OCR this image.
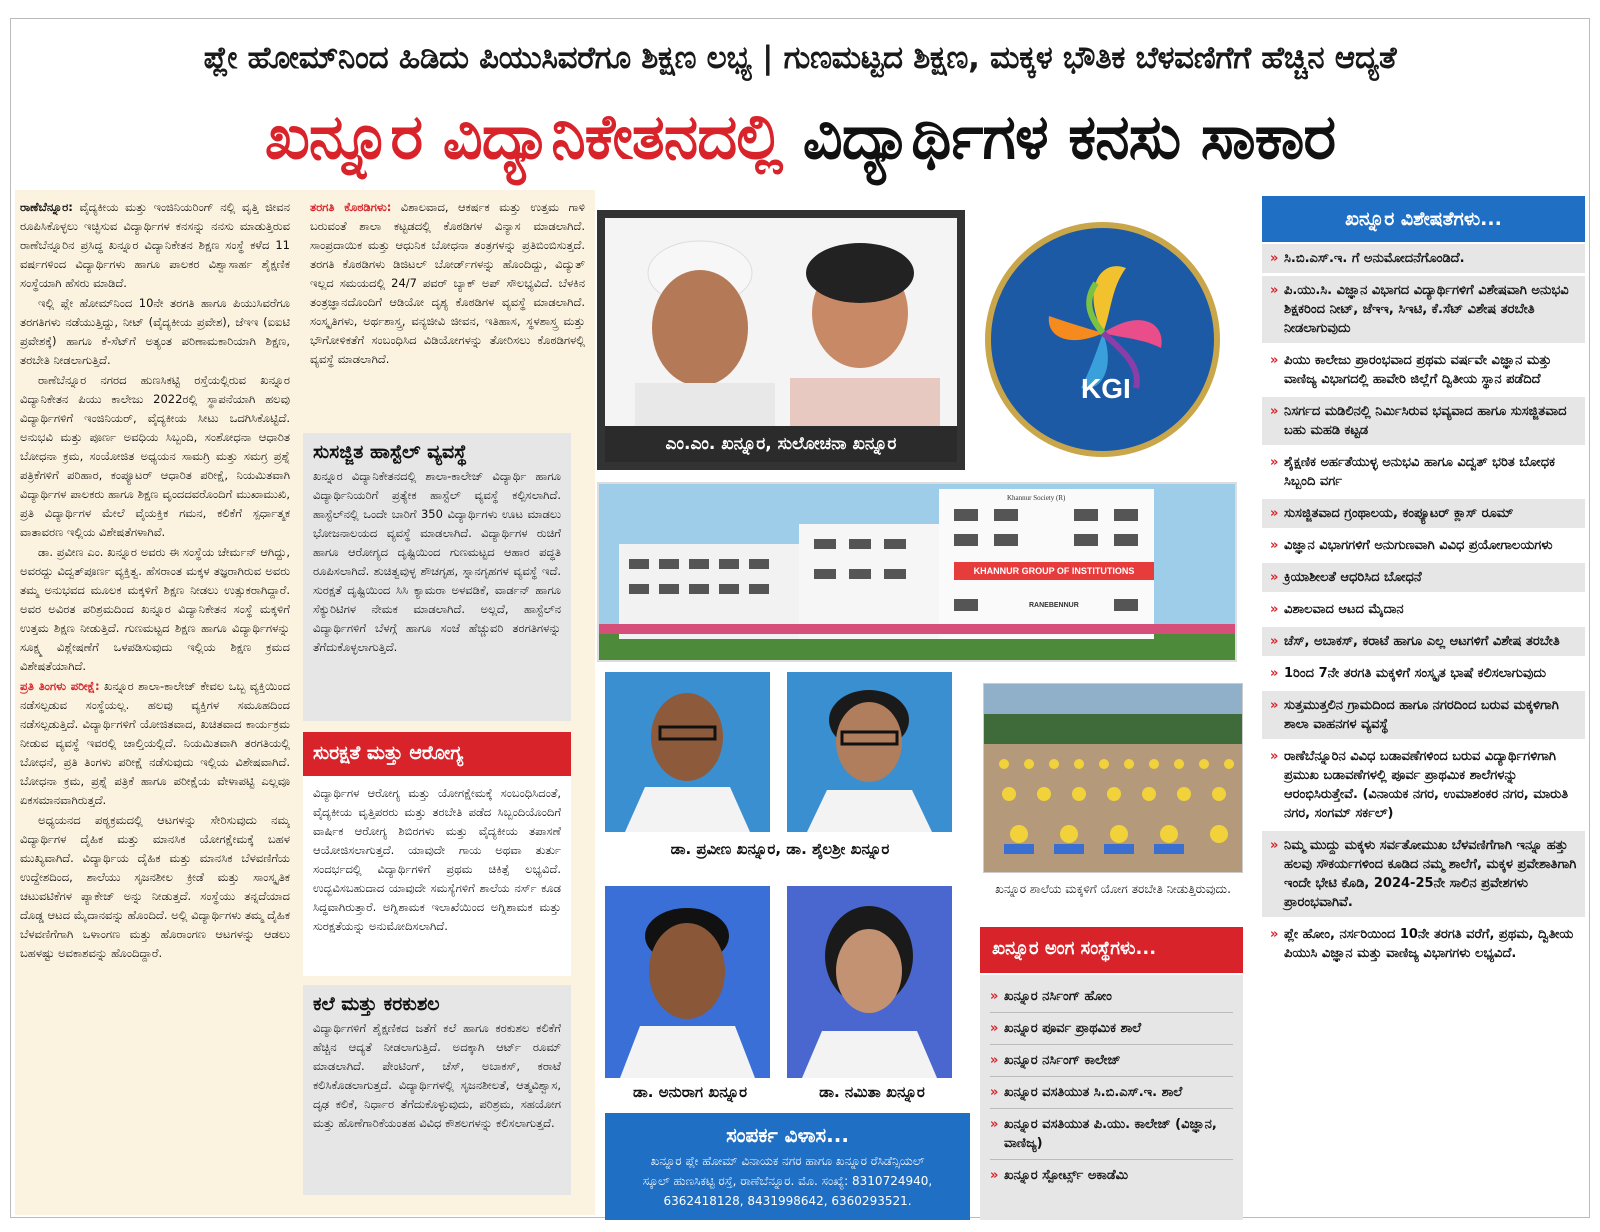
ಪ್ಲೇ ಹೋಮ್‌ನಿಂದ ಹಿಡಿದು ಪಿಯುಸಿವರೆಗೂ ಶಿಕ್ಷಣ ಲಭ್ಯ | ಗುಣಮಟ್ಟದ ಶಿಕ್ಷಣ, ಮಕ್ಕಳ ಭೌತಿಕ ಬೆಳವಣಿಗೆಗೆ ಹೆಚ್ಚಿನ ಆದ್ಯತೆ
ಖನ್ನೂರ ವಿದ್ಯಾನಿಕೇತನದಲ್ಲಿ ವಿದ್ಯಾರ್ಥಿಗಳ ಕನಸು ಸಾಕಾರ

ರಾಣೆಬೆನ್ನೂರ: ವೈದ್ಯಕೀಯ ಮತ್ತು ಇಂಜಿನಿಯರಿಂಗ್ ನಲ್ಲಿ ವೃತ್ತಿ ಜೀವನ ರೂಪಿಸಿಕೊಳ್ಳಲು ಇಚ್ಛಿಸುವ ವಿದ್ಯಾರ್ಥಿಗಳ ಕನಸನ್ನು ನನಸು ಮಾಡುತ್ತಿರುವ ರಾಣೆಬೆನ್ನೂರಿನ ಪ್ರಸಿದ್ಧ ಖನ್ನೂರ ವಿದ್ಯಾನಿಕೇತನ ಶಿಕ್ಷಣ ಸಂಸ್ಥೆ ಕಳೆದ 11 ವರ್ಷಗಳಿಂದ ವಿದ್ಯಾರ್ಥಿಗಳು ಹಾಗೂ ಪಾಲಕರ ವಿಶ್ವಾಸಾರ್ಹ ಶೈಕ್ಷಣಿಕ ಸಂಸ್ಥೆಯಾಗಿ ಹೆಸರು ಮಾಡಿದೆ.

ಇಲ್ಲಿ ಪ್ಲೇ ಹೋಮ್‌ನಿಂದ 10ನೇ ತರಗತಿ ಹಾಗೂ ಪಿಯುಸಿವರೆಗೂ ತರಗತಿಗಳು ನಡೆಯುತ್ತಿದ್ದು, ನೀಟ್ (ವೈದ್ಯಕೀಯ ಪ್ರವೇಶ), ಜೆಇಇ (ಐಐಟಿ ಪ್ರವೇಶಕ್ಕೆ) ಹಾಗೂ ಕೆ-ಸೆಟ್‌ಗೆ ಅತ್ಯಂತ ಪರಿಣಾಮಕಾರಿಯಾಗಿ ಶಿಕ್ಷಣ, ತರಬೇತಿ ನೀಡಲಾಗುತ್ತಿದೆ.

ರಾಣೆಬೆನ್ನೂರ ನಗರದ ಹುಣಸಿಕಟ್ಟಿ ರಸ್ತೆಯಲ್ಲಿರುವ ಖನ್ನೂರ ವಿದ್ಯಾನಿಕೇತನ ಪಿಯು ಕಾಲೇಜು 2022ರಲ್ಲಿ ಸ್ಥಾಪನೆಯಾಗಿ ಹಲವು ವಿದ್ಯಾರ್ಥಿಗಳಿಗೆ ಇಂಜಿನಿಯರ್, ವೈದ್ಯಕೀಯ ಸೀಟು ಒದಗಿಸಿಕೊಟ್ಟಿದೆ. ಅನುಭವಿ ಮತ್ತು ಪೂರ್ಣ ಅವಧಿಯ ಸಿಬ್ಬಂದಿ, ಸಂಶೋಧನಾ ಆಧಾರಿತ ಬೋಧನಾ ಕ್ರಮ, ಸಂಯೋಜಿತ ಅಧ್ಯಯನ ಸಾಮಗ್ರಿ ಮತ್ತು ಸಮಗ್ರ ಪ್ರಶ್ನೆ ಪತ್ರಿಕೆಗಳಿಗೆ ಪರಿಹಾರ, ಕಂಪ್ಯೂಟರ್ ಆಧಾರಿತ ಪರೀಕ್ಷೆ, ನಿಯಮಿತವಾಗಿ ವಿದ್ಯಾರ್ಥಿಗಳ ಪಾಲಕರು ಹಾಗೂ ಶಿಕ್ಷಣ ವೃಂದದವರೊಂದಿಗೆ ಮುಖಾಮುಖಿ, ಪ್ರತಿ ವಿದ್ಯಾರ್ಥಿಗಳ ಮೇಲೆ ವೈಯಕ್ತಿಕ ಗಮನ, ಕಲಿಕೆಗೆ ಸ್ಪರ್ಧಾತ್ಮಕ ವಾತಾವರಣ ಇಲ್ಲಿಯ ವಿಶೇಷತೆಗಳಾಗಿವೆ.

ಡಾ. ಪ್ರವೀಣ ಎಂ. ಖನ್ನೂರ ಅವರು ಈ ಸಂಸ್ಥೆಯ ಚೇರ್ಮನ್ ಆಗಿದ್ದು, ಅವರದ್ದು ವಿದ್ವತ್‌ಪೂರ್ಣ ವ್ಯಕ್ತಿತ್ವ. ಹೆಸರಾಂತ ಮಕ್ಕಳ ತಜ್ಞರಾಗಿರುವ ಅವರು ತಮ್ಮ ಅನುಭವದ ಮೂಲಕ ಮಕ್ಕಳಿಗೆ ಶಿಕ್ಷಣ ನೀಡಲು ಉತ್ಸುಕರಾಗಿದ್ದಾರೆ. ಅವರ ಅವಿರತ ಪರಿಶ್ರಮದಿಂದ ಖನ್ನೂರ ವಿದ್ಯಾನಿಕೇತನ ಸಂಸ್ಥೆ ಮಕ್ಕಳಿಗೆ ಉತ್ತಮ ಶಿಕ್ಷಣ ನೀಡುತ್ತಿದೆ. ಗುಣಮಟ್ಟದ ಶಿಕ್ಷಣ ಹಾಗೂ ವಿದ್ಯಾರ್ಥಿಗಳನ್ನು ಸೂಕ್ಷ್ಮ ವಿಶ್ಲೇಷಣೆಗೆ ಒಳಪಡಿಸುವುದು ಇಲ್ಲಿಯ ಶಿಕ್ಷಣ ಕ್ರಮದ ವಿಶೇಷತೆಯಾಗಿದೆ.

ಪ್ರತಿ ತಿಂಗಳು ಪರೀಕ್ಷೆ: ಖನ್ನೂರ ಶಾಲಾ-ಕಾಲೇಜ್ ಕೇವಲ ಒಬ್ಬ ವ್ಯಕ್ತಿಯಿಂದ ನಡೆಸಲ್ಪಡುವ ಸಂಸ್ಥೆಯಲ್ಲ. ಹಲವು ವ್ಯಕ್ತಿಗಳ ಸಮೂಹದಿಂದ ನಡೆಸಲ್ಪಡುತ್ತಿದೆ. ವಿದ್ಯಾರ್ಥಿಗಳಿಗೆ ಯೋಜಿತವಾದ, ಖಚಿತವಾದ ಕಾರ್ಯಕ್ರಮ ನೀಡುವ ವ್ಯವಸ್ಥೆ ಇವರಲ್ಲಿ ಚಾಲ್ತಿಯಲ್ಲಿದೆ. ನಿಯಮಿತವಾಗಿ ತರಗತಿಯಲ್ಲಿ ಬೋಧನೆ, ಪ್ರತಿ ತಿಂಗಳು ಪರೀಕ್ಷೆ ನಡೆಸುವುದು ಇಲ್ಲಿಯ ವಿಶೇಷವಾಗಿದೆ. ಬೋಧನಾ ಕ್ರಮ, ಪ್ರಶ್ನೆ ಪತ್ರಿಕೆ ಹಾಗೂ ಪರೀಕ್ಷೆಯ ವೇಳಾಪಟ್ಟಿ ಎಲ್ಲವೂ ಏಕಸಮಾನವಾಗಿರುತ್ತದೆ.

ಅಧ್ಯಯನದ ಪಠ್ಯಕ್ರಮದಲ್ಲಿ ಆಟಗಳನ್ನು ಸೇರಿಸುವುದು ನಮ್ಮ ವಿದ್ಯಾರ್ಥಿಗಳ ದೈಹಿಕ ಮತ್ತು ಮಾನಸಿಕ ಯೋಗಕ್ಷೇಮಕ್ಕೆ ಬಹಳ ಮುಖ್ಯವಾಗಿದೆ. ವಿದ್ಯಾರ್ಥಿಯ ದೈಹಿಕ ಮತ್ತು ಮಾನಸಿಕ ಬೆಳವಣಿಗೆಯ ಉದ್ದೇಶದಿಂದ, ಶಾಲೆಯು ಸೃಜನಶೀಲ ಕ್ರೀಡೆ ಮತ್ತು ಸಾಂಸ್ಕೃತಿಕ ಚಟುವಟಿಕೆಗಳ ಪ್ಯಾಕೇಜ್ ಅನ್ನು ನೀಡುತ್ತದೆ. ಸಂಸ್ಥೆಯು ತನ್ನದೆಯಾದ ದೊಡ್ಡ ಆಟದ ಮೈದಾನವನ್ನು ಹೊಂದಿದೆ. ಅಲ್ಲಿ ವಿದ್ಯಾರ್ಥಿಗಳು ತಮ್ಮ ದೈಹಿಕ ಬೆಳವಣಿಗೆಗಾಗಿ ಒಳಾಂಗಣ ಮತ್ತು ಹೊರಾಂಗಣ ಆಟಗಳನ್ನು ಆಡಲು ಬಹಳಷ್ಟು ಅವಕಾಶವನ್ನು ಹೊಂದಿದ್ದಾರೆ.

ತರಗತಿ ಕೊಠಡಿಗಳು: ವಿಶಾಲವಾದ, ಆಕರ್ಷಕ ಮತ್ತು ಉತ್ತಮ ಗಾಳಿ ಬರುವಂತೆ ಶಾಲಾ ಕಟ್ಟಡದಲ್ಲಿ ಕೊಠಡಿಗಳ ವಿನ್ಯಾಸ ಮಾಡಲಾಗಿದೆ. ಸಾಂಪ್ರದಾಯಿಕ ಮತ್ತು ಆಧುನಿಕ ಬೋಧನಾ ತಂತ್ರಗಳನ್ನು ಪ್ರತಿಬಿಂಬಿಸುತ್ತದೆ. ತರಗತಿ ಕೊಠಡಿಗಳು ಡಿಜಿಟಲ್ ಬೋರ್ಡ್‌ಗಳನ್ನು ಹೊಂದಿದ್ದು, ವಿದ್ಯುತ್ ಇಲ್ಲದ ಸಮಯದಲ್ಲಿ 24/7 ಪವರ್ ಬ್ಯಾಕ್ ಅಪ್ ಸೌಲಭ್ಯವಿದೆ. ಬೆಳಕಿನ ತಂತ್ರಜ್ಞಾನದೊಂದಿಗೆ ಆಡಿಯೋ ದೃಶ್ಯ ಕೊಠಡಿಗಳ ವ್ಯವಸ್ಥೆ ಮಾಡಲಾಗಿದೆ. ಸಂಸ್ಕೃತಿಗಳು, ಅರ್ಥಶಾಸ್ತ್ರ, ವನ್ಯಜೀವಿ ಜೀವನ, ಇತಿಹಾಸ, ಸ್ಥಳಶಾಸ್ತ್ರ ಮತ್ತು ಭೌಗೋಳಿಕತೆಗೆ ಸಂಬಂಧಿಸಿದ ವಿಡಿಯೋಗಳನ್ನು ತೋರಿಸಲು ಕೊಠಡಿಗಳಲ್ಲಿ ವ್ಯವಸ್ಥೆ ಮಾಡಲಾಗಿದೆ.

ಸುಸಜ್ಜಿತ ಹಾಸ್ಟೆಲ್ ವ್ಯವಸ್ಥೆ
ಖನ್ನೂರ ವಿದ್ಯಾನಿಕೇತನದಲ್ಲಿ ಶಾಲಾ-ಕಾಲೇಜ್ ವಿದ್ಯಾರ್ಥಿ ಹಾಗೂ ವಿದ್ಯಾರ್ಥಿನಿಯರಿಗೆ ಪ್ರತ್ಯೇಕ ಹಾಸ್ಟೆಲ್ ವ್ಯವಸ್ಥೆ ಕಲ್ಪಿಸಲಾಗಿದೆ. ಹಾಸ್ಟೆಲ್‌ನಲ್ಲಿ ಒಂದೇ ಬಾರಿಗೆ 350 ವಿದ್ಯಾರ್ಥಿಗಳು ಊಟ ಮಾಡಲು ಭೋಜನಾಲಯದ ವ್ಯವಸ್ಥೆ ಮಾಡಲಾಗಿದೆ. ವಿದ್ಯಾರ್ಥಿಗಳ ರುಚಿಗೆ ಹಾಗೂ ಆರೋಗ್ಯದ ದೃಷ್ಟಿಯಿಂದ ಗುಣಮಟ್ಟದ ಆಹಾರ ಪದ್ಧತಿ ರೂಪಿಸಲಾಗಿದೆ. ಶುಚಿತ್ವವುಳ್ಳ ಶೌಚಗೃಹ, ಸ್ನಾನಗೃಹಗಳ ವ್ಯವಸ್ಥೆ ಇದೆ. ಸುರಕ್ಷತೆ ದೃಷ್ಟಿಯಿಂದ ಸಿಸಿ ಕ್ಯಾಮರಾ ಅಳವಡಿಕೆ, ವಾರ್ಡನ್ ಹಾಗೂ ಸೆಕ್ಯುರಿಟಿಗಳ ನೇಮಕ ಮಾಡಲಾಗಿದೆ. ಅಲ್ಲದೆ, ಹಾಸ್ಟೆಲ್‌ನ ವಿದ್ಯಾರ್ಥಿಗಳಿಗೆ ಬೆಳಗ್ಗೆ ಹಾಗೂ ಸಂಜೆ ಹೆಚ್ಚುವರಿ ತರಗತಿಗಳನ್ನು ತೆಗೆದುಕೊಳ್ಳಲಾಗುತ್ತಿದೆ.
ಸುರಕ್ಷತೆ ಮತ್ತು ಆರೋಗ್ಯ
ವಿದ್ಯಾರ್ಥಿಗಳ ಆರೋಗ್ಯ ಮತ್ತು ಯೋಗಕ್ಷೇಮಕ್ಕೆ ಸಂಬಂಧಿಸಿದಂತೆ, ವೈದ್ಯಕೀಯ ವೃತ್ತಿಪರರು ಮತ್ತು ತರಬೇತಿ ಪಡೆದ ಸಿಬ್ಬಂದಿಯೊಂದಿಗೆ ವಾರ್ಷಿಕ ಆರೋಗ್ಯ ಶಿಬಿರಗಳು ಮತ್ತು ವೈದ್ಯಕೀಯ ತಪಾಸಣೆ ಆಯೋಜಿಸಲಾಗುತ್ತದೆ. ಯಾವುದೇ ಗಾಯ ಅಥವಾ ತುರ್ತು ಸಂದರ್ಭದಲ್ಲಿ ವಿದ್ಯಾರ್ಥಿಗಳಿಗೆ ಪ್ರಥಮ ಚಿಕಿತ್ಸೆ ಲಭ್ಯವಿದೆ. ಉದ್ಭವಿಸಬಹುದಾದ ಯಾವುದೇ ಸಮಸ್ಯೆಗಳಿಗೆ ಶಾಲೆಯ ನರ್ಸ್ ಕೂಡ ಸಿದ್ಧವಾಗಿರುತ್ತಾರೆ. ಅಗ್ನಿಶಾಮಕ ಇಲಾಖೆಯಿಂದ ಅಗ್ನಿಶಾಮಕ ಮತ್ತು ಸುರಕ್ಷತೆಯನ್ನು ಅನುಮೋದಿಸಲಾಗಿದೆ.
ಕಲೆ ಮತ್ತು ಕರಕುಶಲ
ವಿದ್ಯಾರ್ಥಿಗಳಿಗೆ ಶೈಕ್ಷಣಿಕದ ಜತೆಗೆ ಕಲೆ ಹಾಗೂ ಕರಕುಶಲ ಕಲಿಕೆಗೆ ಹೆಚ್ಚಿನ ಆದ್ಯತೆ ನೀಡಲಾಗುತ್ತಿದೆ. ಅದಕ್ಕಾಗಿ ಆರ್ಟ್ ರೂಮ್ ಮಾಡಲಾಗಿದೆ. ಪೇಂಟಿಂಗ್, ಚೆಸ್, ಅಬಾಕಸ್, ಕರಾಟೆ ಕಲಿಸಿಕೊಡಲಾಗುತ್ತದೆ. ವಿದ್ಯಾರ್ಥಿಗಳಲ್ಲಿ ಸೃಜನಶೀಲತೆ, ಆತ್ಮವಿಶ್ವಾಸ, ದೃಢ ಕಲಿಕೆ, ನಿರ್ಧಾರ ತೆಗೆದುಕೊಳ್ಳುವುದು, ಪರಿಶ್ರಮ, ಸಹಯೋಗ ಮತ್ತು ಹೊಣೆಗಾರಿಕೆಯಂತಹ ವಿವಿಧ ಕೌಶಲಗಳನ್ನು ಕಲಿಸಲಾಗುತ್ತದೆ.
ಎಂ.ಎಂ. ಖನ್ನೂರ, ಸುಲೋಚನಾ ಖನ್ನೂರ
KGI
KHANNUR GROUP OF INSTITUTIONS
Khannur Society (R)
RANEBENNUR
ಡಾ. ಪ್ರವೀಣ ಖನ್ನೂರ, ಡಾ. ಶೈಲಶ್ರೀ ಖನ್ನೂರ
ಡಾ. ಅನುರಾಗ ಖನ್ನೂರ	ಡಾ. ನಮಿತಾ ಖನ್ನೂರ
ಖನ್ನೂರ ಶಾಲೆಯ ಮಕ್ಕಳಿಗೆ ಯೋಗ ತರಬೇತಿ ನೀಡುತ್ತಿರುವುದು.
ಸಂಪರ್ಕ ವಿಳಾಸ...
ಖನ್ನೂರ ಪ್ಲೇ ಹೋಮ್ ವಿನಾಯಕ ನಗರ ಹಾಗೂ ಖನ್ನೂರ ರೆಸಿಡೆನ್ಸಿಯಲ್
ಸ್ಕೂಲ್ ಹುಣಸಿಕಟ್ಟಿ ರಸ್ತೆ, ರಾಣೆಬೆನ್ನೂರ. ಮೊ. ಸಂಖ್ಯೆ: 8310724940,
6362418128, 8431998642, 6360293521.
ಖನ್ನೂರ ಅಂಗ ಸಂಸ್ಥೆಗಳು...
» ಖನ್ನೂರ ನರ್ಸಿಂಗ್ ಹೋಂ
» ಖನ್ನೂರ ಪೂರ್ವ ಪ್ರಾಥಮಿಕ ಶಾಲೆ
» ಖನ್ನೂರ ನರ್ಸಿಂಗ್ ಕಾಲೇಜ್
» ಖನ್ನೂರ ವಸತಿಯುತ ಸಿ.ಬಿ.ಎಸ್.ಇ. ಶಾಲೆ
» ಖನ್ನೂರ ವಸತಿಯುತ ಪಿ.ಯು. ಕಾಲೇಜ್ (ವಿಜ್ಞಾನ, ವಾಣಿಜ್ಯ)
» ಖನ್ನೂರ ಸ್ಪೋರ್ಟ್ಸ್ ಅಕಾಡೆಮಿ
ಖನ್ನೂರ ವಿಶೇಷತೆಗಳು...
» ಸಿ.ಬಿ.ಎಸ್.ಇ. ಗೆ ಅನುಮೋದನೆಗೊಂಡಿದೆ.
» ಪಿ.ಯು.ಸಿ. ವಿಜ್ಞಾನ ವಿಭಾಗದ ವಿದ್ಯಾರ್ಥಿಗಳಿಗೆ ವಿಶೇಷವಾಗಿ ಅನುಭವಿ ಶಿಕ್ಷಕರಿಂದ ನೀಟ್, ಜೆಇಇ, ಸಿಇಟಿ, ಕೆ.ಸೆಟ್ ವಿಶೇಷ ತರಬೇತಿ ನೀಡಲಾಗುವುದು
» ಪಿಯು ಕಾಲೇಜು ಪ್ರಾರಂಭವಾದ ಪ್ರಥಮ ವರ್ಷವೇ ವಿಜ್ಞಾನ ಮತ್ತು ವಾಣಿಜ್ಯ ವಿಭಾಗದಲ್ಲಿ ಹಾವೇರಿ ಜಿಲ್ಲೆಗೆ ದ್ವಿತೀಯ ಸ್ಥಾನ ಪಡೆದಿದೆ
» ನಿಸರ್ಗದ ಮಡಿಲಿನಲ್ಲಿ ನಿರ್ಮಿಸಿರುವ ಭವ್ಯವಾದ ಹಾಗೂ ಸುಸಜ್ಜಿತವಾದ ಬಹು ಮಹಡಿ ಕಟ್ಟಡ
» ಶೈಕ್ಷಣಿಕ ಅರ್ಹತೆಯುಳ್ಳ ಅನುಭವಿ ಹಾಗೂ ವಿದ್ವತ್ ಭರಿತ ಬೋಧಕ ಸಿಬ್ಬಂದಿ ವರ್ಗ
» ಸುಸಜ್ಜಿತವಾದ ಗ್ರಂಥಾಲಯ, ಕಂಪ್ಯೂಟರ್ ಕ್ಲಾಸ್ ರೂಮ್
» ವಿಜ್ಞಾನ ವಿಭಾಗಗಳಿಗೆ ಅನುಗುಣವಾಗಿ ವಿವಿಧ ಪ್ರಯೋಗಾಲಯಗಳು
» ಕ್ರಿಯಾಶೀಲತೆ ಆಧರಿಸಿದ ಬೋಧನೆ
» ವಿಶಾಲವಾದ ಆಟದ ಮೈದಾನ
» ಚೆಸ್, ಅಬಾಕಸ್, ಕರಾಟೆ ಹಾಗೂ ಎಲ್ಲ ಆಟಗಳಿಗೆ ವಿಶೇಷ ತರಬೇತಿ
» 1ರಿಂದ 7ನೇ ತರಗತಿ ಮಕ್ಕಳಿಗೆ ಸಂಸ್ಕೃತ ಭಾಷೆ ಕಲಿಸಲಾಗುವುದು
» ಸುತ್ತಮುತ್ತಲಿನ ಗ್ರಾಮದಿಂದ ಹಾಗೂ ನಗರದಿಂದ ಬರುವ ಮಕ್ಕಳಿಗಾಗಿ ಶಾಲಾ ವಾಹನಗಳ ವ್ಯವಸ್ಥೆ
» ರಾಣೆಬೆನ್ನೂರಿನ ವಿವಿಧ ಬಡಾವಣೆಗಳಿಂದ ಬರುವ ವಿದ್ಯಾರ್ಥಿಗಳಿಗಾಗಿ ಪ್ರಮುಖ ಬಡಾವಣೆಗಳಲ್ಲಿ ಪೂರ್ವ ಪ್ರಾಥಮಿಕ ಶಾಲೆಗಳನ್ನು ಆರಂಭಿಸಿರುತ್ತೇವೆ. (ವಿನಾಯಕ ನಗರ, ಉಮಾಶಂಕರ ನಗರ, ಮಾರುತಿ ನಗರ, ಸಂಗಮ್ ಸರ್ಕಲ್)
» ನಿಮ್ಮ ಮುದ್ದು ಮಕ್ಕಳು ಸರ್ವತೋಮುಖ ಬೆಳವಣಿಗೆಗಾಗಿ ಇನ್ನೂ ಹತ್ತು ಹಲವು ಸೌಕರ್ಯಗಳಿಂದ ಕೂಡಿದ ನಮ್ಮ ಶಾಲೆಗೆ, ಮಕ್ಕಳ ಪ್ರವೇಶಾತಿಗಾಗಿ ಇಂದೇ ಭೇಟಿ ಕೊಡಿ, 2024-25ನೇ ಸಾಲಿನ ಪ್ರವೇಶಗಳು ಪ್ರಾರಂಭವಾಗಿವೆ.
» ಪ್ಲೇ ಹೋಂ, ನರ್ಸರಿಯಿಂದ 10ನೇ ತರಗತಿ ವರೆಗೆ, ಪ್ರಥಮ, ದ್ವಿತೀಯ ಪಿಯುಸಿ ವಿಜ್ಞಾನ ಮತ್ತು ವಾಣಿಜ್ಯ ವಿಭಾಗಗಳು ಲಭ್ಯವಿದೆ.
